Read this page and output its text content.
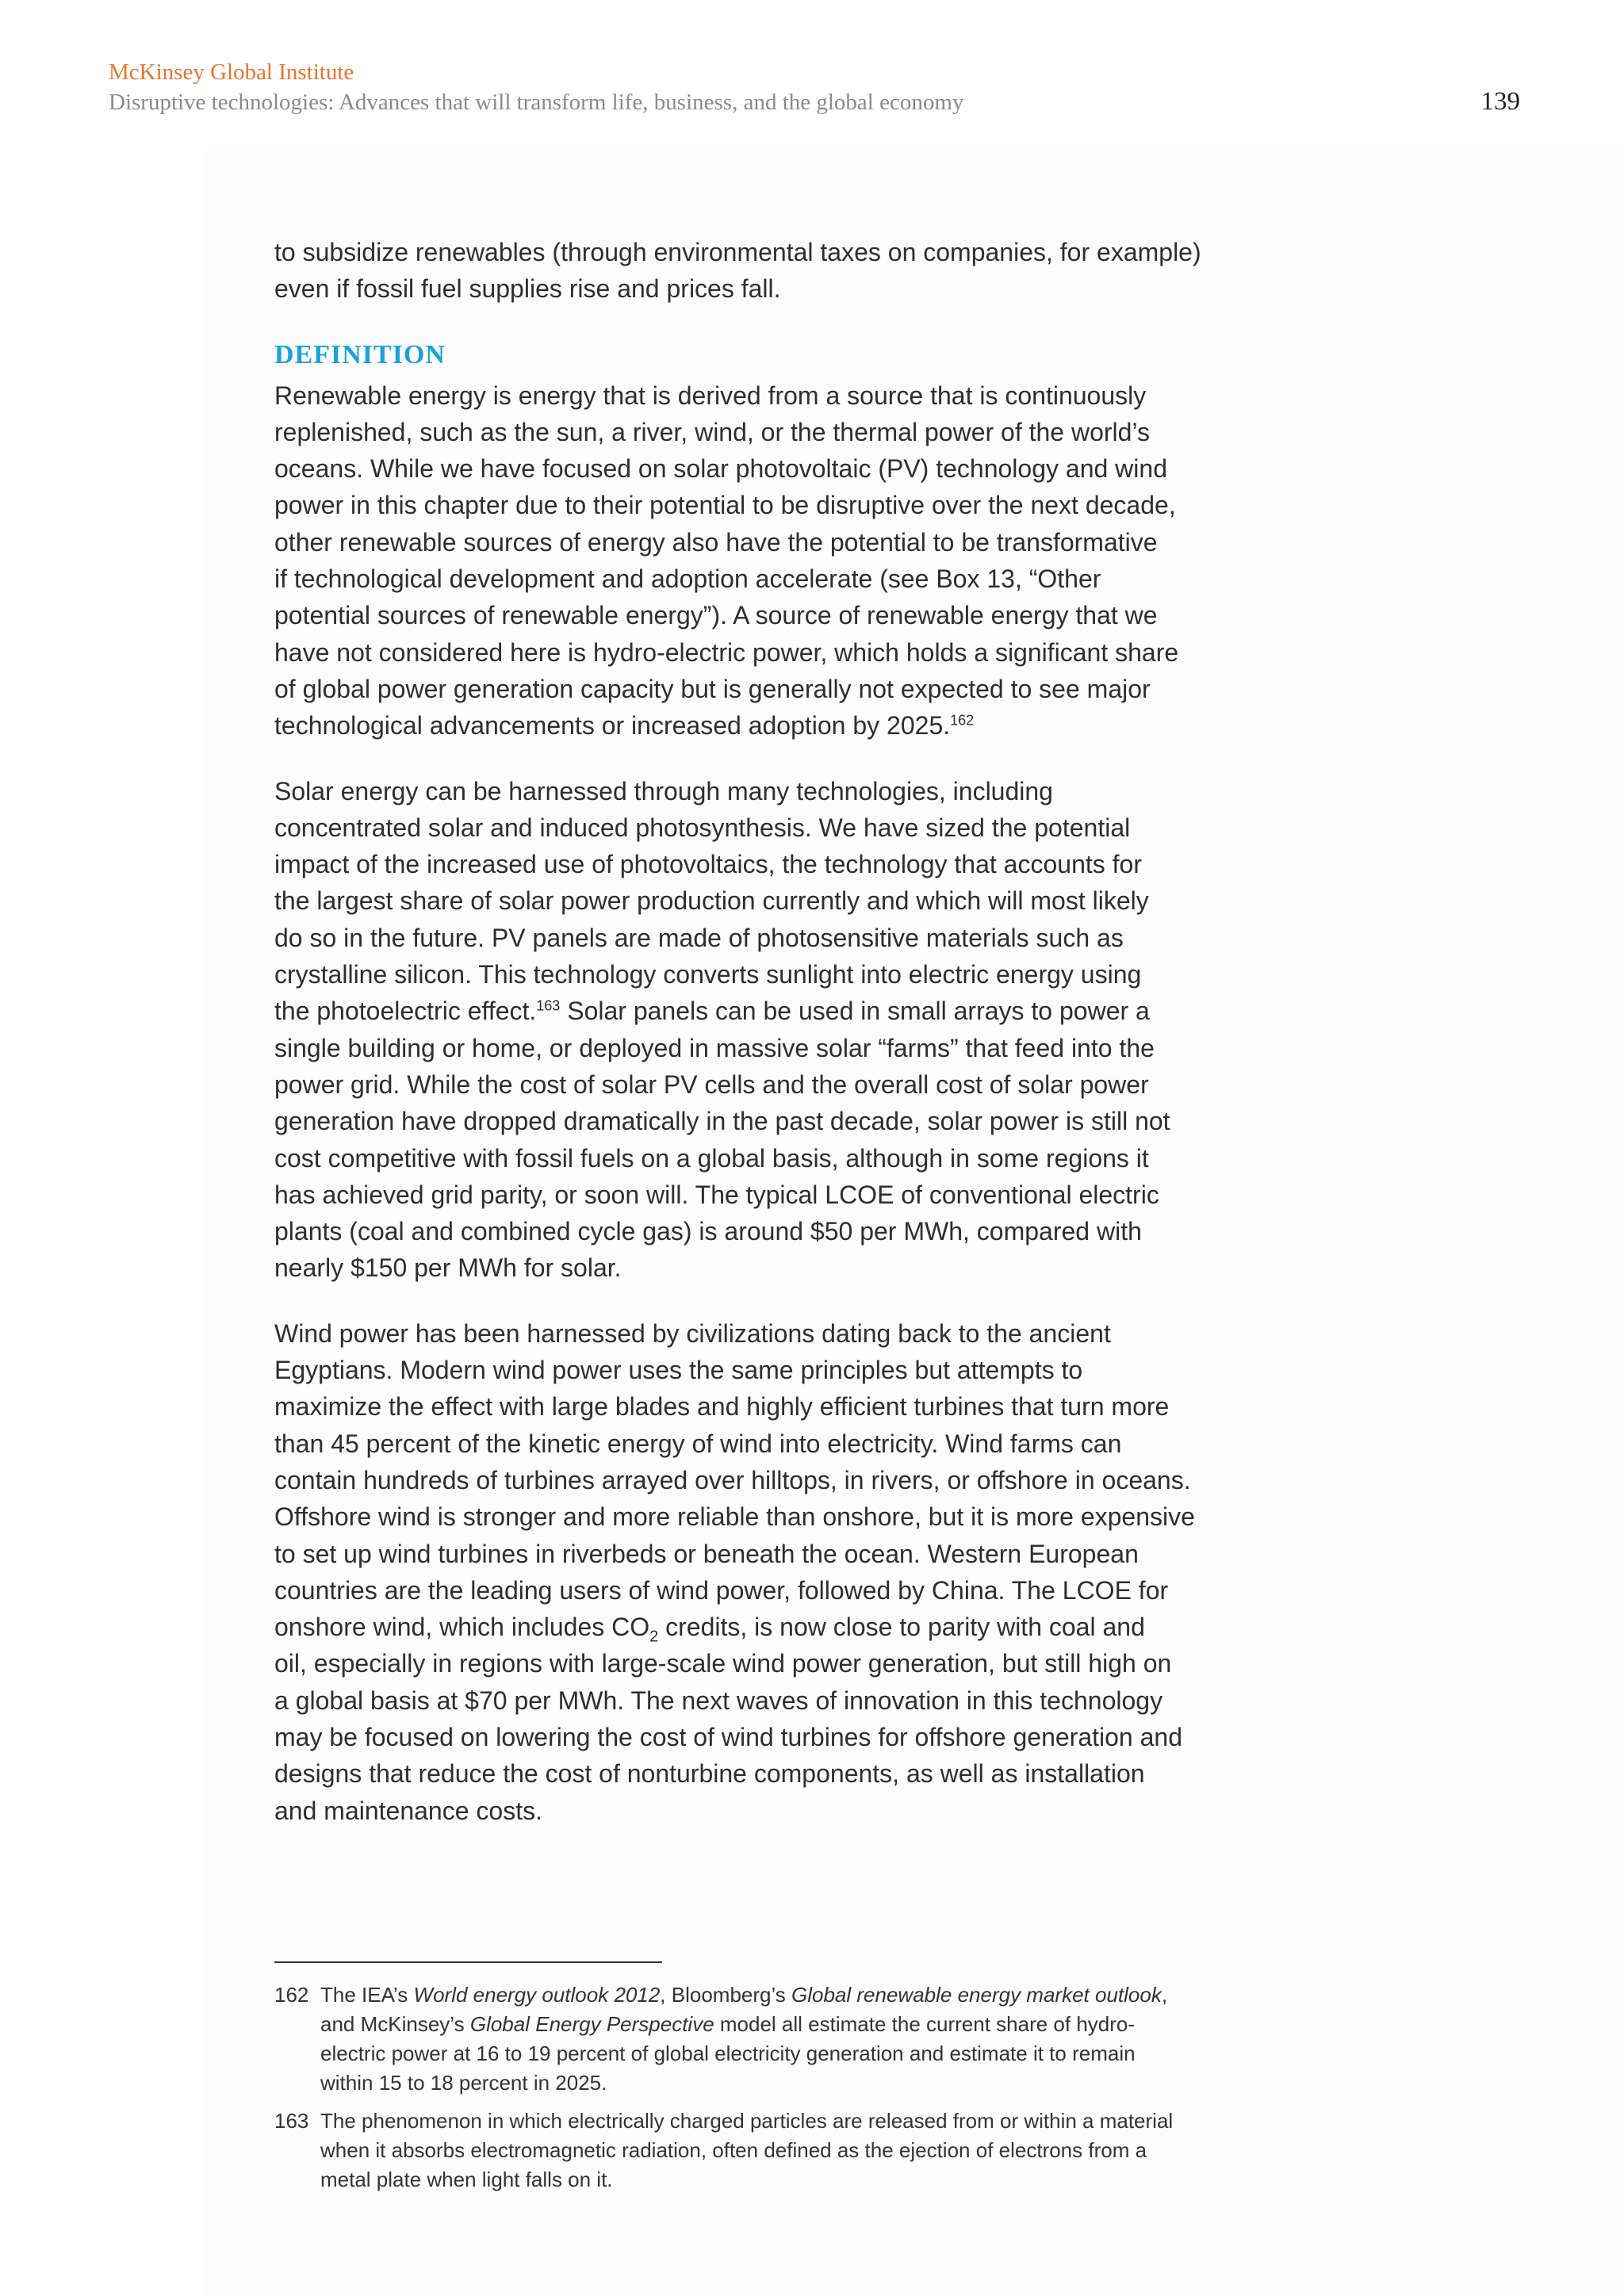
McKinsey Global Institute
Disruptive technologies: Advances that will transform life, business, and the global economy	139

to subsidize renewables (through environmental taxes on companies, for example)
even if fossil fuel supplies rise and prices fall.

DEFINITION

Renewable energy is energy that is derived from a source that is continuously
replenished, such as the sun, a river, wind, or the thermal power of the world’s
oceans. While we have focused on solar photovoltaic (PV) technology and wind
power in this chapter due to their potential to be disruptive over the next decade,
other renewable sources of energy also have the potential to be transformative
if technological development and adoption accelerate (see Box 13, “Other
potential sources of renewable energy”). A source of renewable energy that we
have not considered here is hydro-electric power, which holds a significant share
of global power generation capacity but is generally not expected to see major
technological advancements or increased adoption by 2025.$^{162}$

Solar energy can be harnessed through many technologies, including
concentrated solar and induced photosynthesis. We have sized the potential
impact of the increased use of photovoltaics, the technology that accounts for
the largest share of solar power production currently and which will most likely
do so in the future. PV panels are made of photosensitive materials such as
crystalline silicon. This technology converts sunlight into electric energy using
the photoelectric effect.$^{163}$ Solar panels can be used in small arrays to power a
single building or home, or deployed in massive solar “farms” that feed into the
power grid. While the cost of solar PV cells and the overall cost of solar power
generation have dropped dramatically in the past decade, solar power is still not
cost competitive with fossil fuels on a global basis, although in some regions it
has achieved grid parity, or soon will. The typical LCOE of conventional electric
plants (coal and combined cycle gas) is around $50 per MWh, compared with
nearly $150 per MWh for solar.

Wind power has been harnessed by civilizations dating back to the ancient
Egyptians. Modern wind power uses the same principles but attempts to
maximize the effect with large blades and highly efficient turbines that turn more
than 45 percent of the kinetic energy of wind into electricity. Wind farms can
contain hundreds of turbines arrayed over hilltops, in rivers, or offshore in oceans.
Offshore wind is stronger and more reliable than onshore, but it is more expensive
to set up wind turbines in riverbeds or beneath the ocean. Western European
countries are the leading users of wind power, followed by China. The LCOE for
onshore wind, which includes $CO_2$ credits, is now close to parity with coal and
oil, especially in regions with large-scale wind power generation, but still high on
a global basis at $70 per MWh. The next waves of innovation in this technology
may be focused on lowering the cost of wind turbines for offshore generation and
designs that reduce the cost of nonturbine components, as well as installation
and maintenance costs.

162 The IEA’s World energy outlook 2012, Bloomberg’s Global renewable energy market outlook,
and McKinsey’s Global Energy Perspective model all estimate the current share of hydro-
electric power at 16 to 19 percent of global electricity generation and estimate it to remain
within 15 to 18 percent in 2025.
163 The phenomenon in which electrically charged particles are released from or within a material
when it absorbs electromagnetic radiation, often defined as the ejection of electrons from a
metal plate when light falls on it.
